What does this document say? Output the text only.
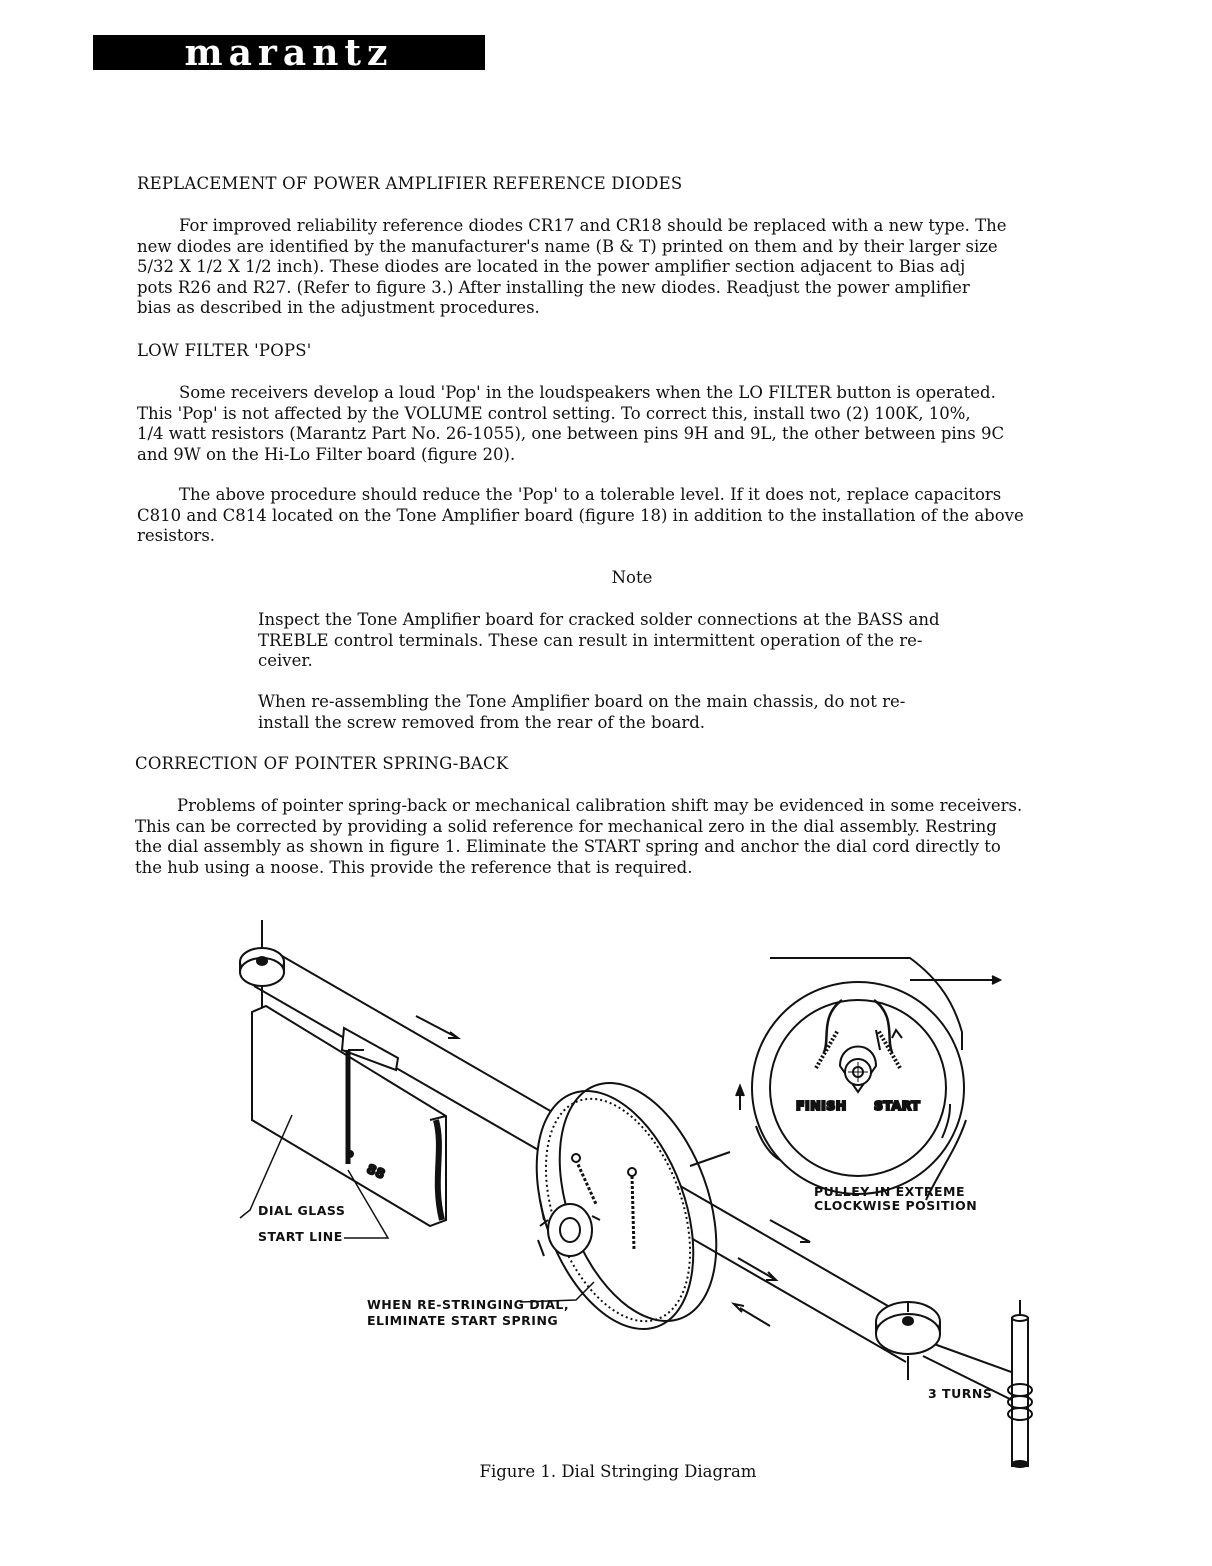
marantz
REPLACEMENT OF POWER AMPLIFIER REFERENCE DIODES

For improved reliability reference diodes CR17 and CR18 should be replaced with a new type. The
new diodes are identified by the manufacturer's name (B & T) printed on them and by their larger size
5/32 X 1/2 X 1/2 inch). These diodes are located in the power amplifier section adjacent to Bias adj
pots R26 and R27. (Refer to figure 3.) After installing the new diodes. Readjust the power amplifier
bias as described in the adjustment procedures.

LOW FILTER 'POPS'

Some receivers develop a loud 'Pop' in the loudspeakers when the LO FILTER button is operated.
This 'Pop' is not affected by the VOLUME control setting. To correct this, install two (2) 100K, 10%,
1/4 watt resistors (Marantz Part No. 26-1055), one between pins 9H and 9L, the other between pins 9C
and 9W on the Hi-Lo Filter board (figure 20).

The above procedure should reduce the 'Pop' to a tolerable level. If it does not, replace capacitors
C810 and C814 located on the Tone Amplifier board (figure 18) in addition to the installation of the above
resistors.

Note

Inspect the Tone Amplifier board for cracked solder connections at the BASS and
TREBLE control terminals. These can result in intermittent operation of the re-
ceiver.

When re-assembling the Tone Amplifier board on the main chassis, do not re-
install the screw removed from the rear of the board.

CORRECTION OF POINTER SPRING-BACK

Problems of pointer spring-back or mechanical calibration shift may be evidenced in some receivers.
This can be corrected by providing a solid reference for mechanical zero in the dial assembly. Restring
the dial assembly as shown in figure 1. Eliminate the START spring and anchor the dial cord directly to
the hub using a noose. This provide the reference that is required.

88
FINISH START
PULLEY IN EXTREME
CLOCKWISE POSITION
DIAL GLASS
START LINE
WHEN RE-STRINGING DIAL,
ELIMINATE START SPRING
3 TURNS

Figure 1. Dial Stringing Diagram
